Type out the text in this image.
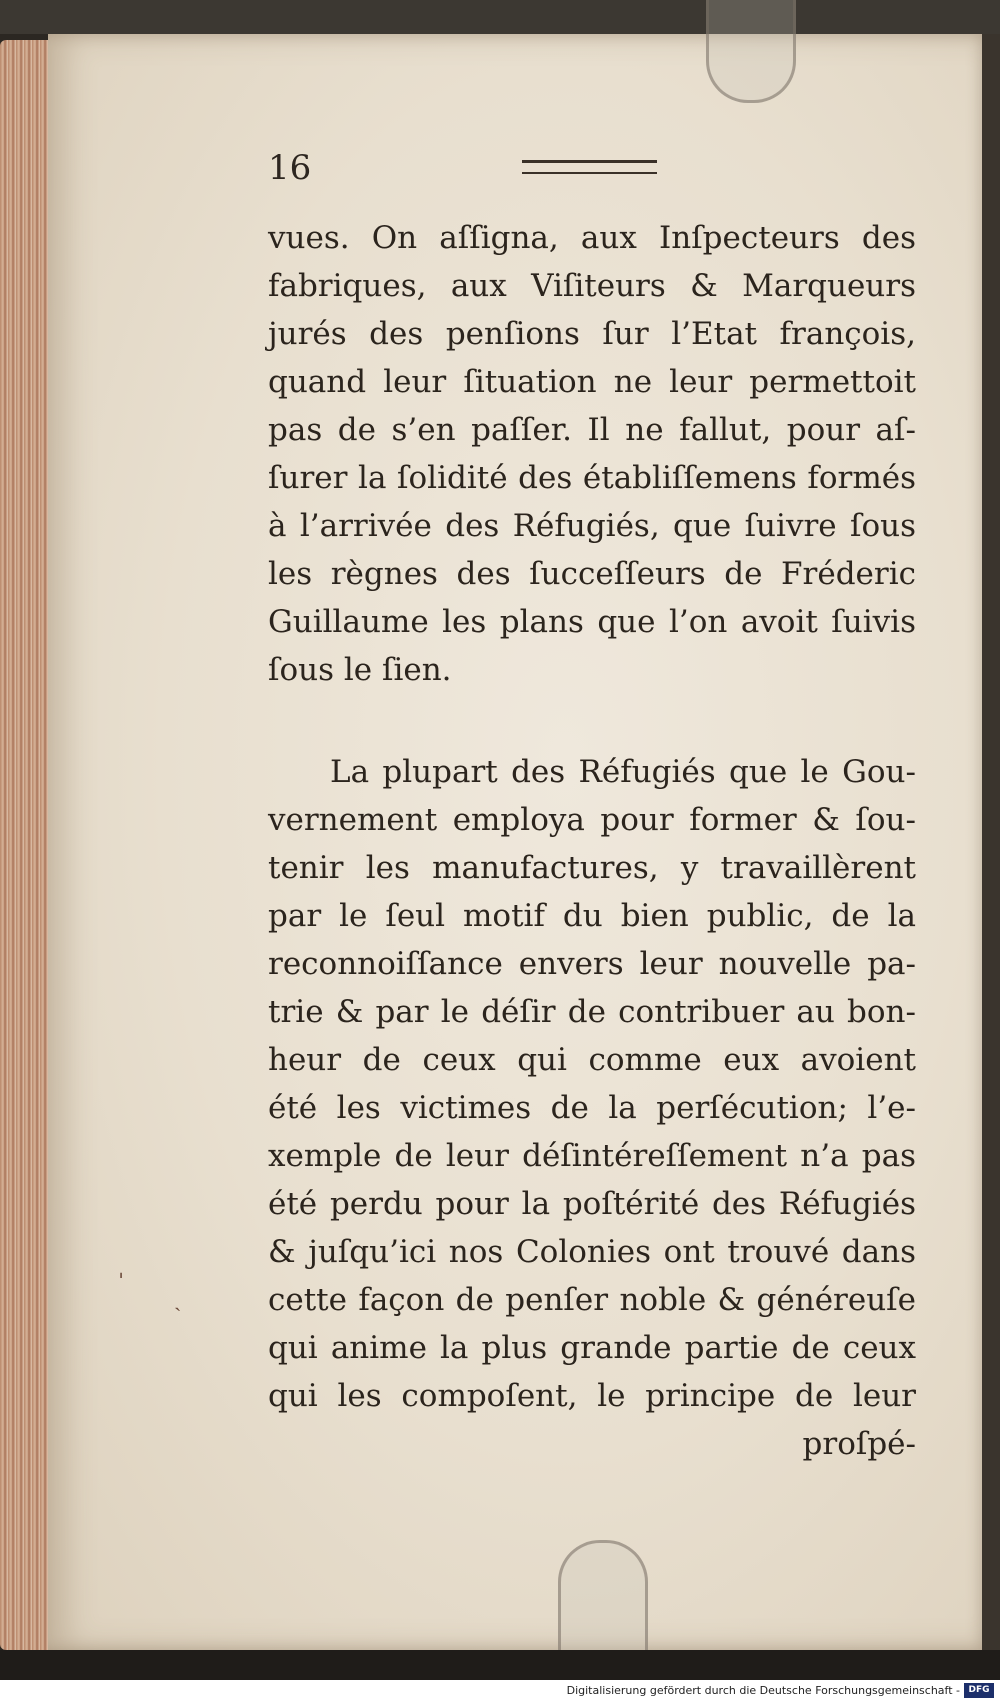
16
vues. On aſſigna, aux Inſpecteurs des
fabriques, aux Viſiteurs & Marqueurs
jurés des penſions ſur l’Etat françois,
quand leur ſituation ne leur permettoit
pas de s’en paſſer. Il ne fallut, pour aſ-
ſurer la ſolidité des établiſſemens formés
à l’arrivée des Réfugiés, que ſuivre ſous
les règnes des ſucceſſeurs de Fréderic
Guillaume les plans que l’on avoit ſuivis
ſous le ſien.
La plupart des Réfugiés que le Gou-
vernement employa pour former & ſou-
tenir les manufactures, y travaillèrent
par le ſeul motif du bien public, de la
reconnoiſſance envers leur nouvelle pa-
trie & par le déſir de contribuer au bon-
heur de ceux qui comme eux avoient
été les victimes de la perſécution; l’e-
xemple de leur déſintéreſſement n’a pas
été perdu pour la poſtérité des Réfugiés
& juſqu’ici nos Colonies ont trouvé dans
cette façon de penſer noble & généreuſe
qui anime la plus grande partie de ceux
qui les compoſent, le principe de leur
proſpé-
ˌ
ˎ
Digitalisierung gefördert durch die Deutsche Forschungsgemeinschaft - DFG
